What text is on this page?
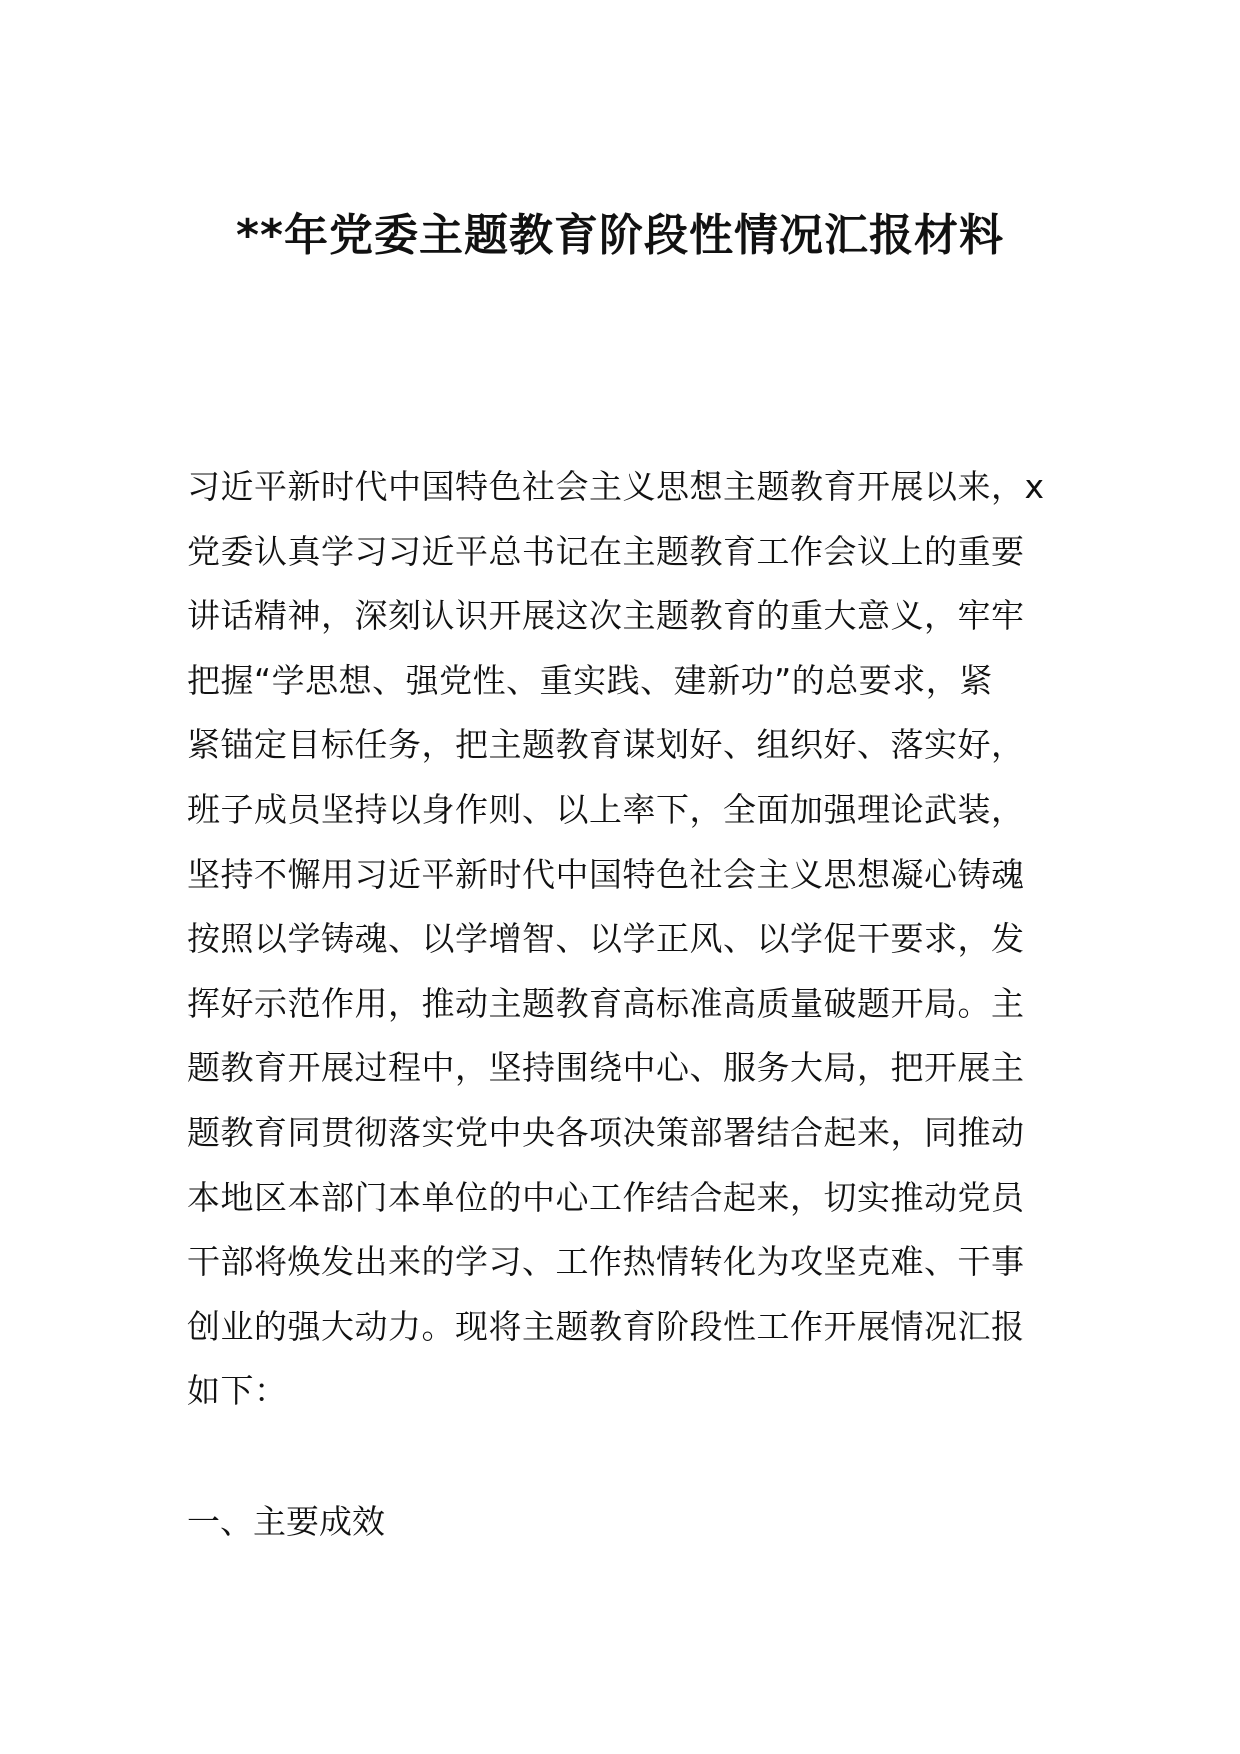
**年党委主题教育阶段性情况汇报材料
习近平新时代中国特色社会主义思想主题教育开展以来，x
党委认真学习习近平总书记在主题教育工作会议上的重要
讲话精神，深刻认识开展这次主题教育的重大意义，牢牢
把握“学思想、强党性、重实践、建新功”的总要求，紧
紧锚定目标任务，把主题教育谋划好、组织好、落实好，
班子成员坚持以身作则、以上率下，全面加强理论武装，
坚持不懈用习近平新时代中国特色社会主义思想凝心铸魂
按照以学铸魂、以学增智、以学正风、以学促干要求，发
挥好示范作用，推动主题教育高标准高质量破题开局。主
题教育开展过程中，坚持围绕中心、服务大局，把开展主
题教育同贯彻落实党中央各项决策部署结合起来，同推动
本地区本部门本单位的中心工作结合起来，切实推动党员
干部将焕发出来的学习、工作热情转化为攻坚克难、干事
创业的强大动力。现将主题教育阶段性工作开展情况汇报
如下：
一、主要成效
